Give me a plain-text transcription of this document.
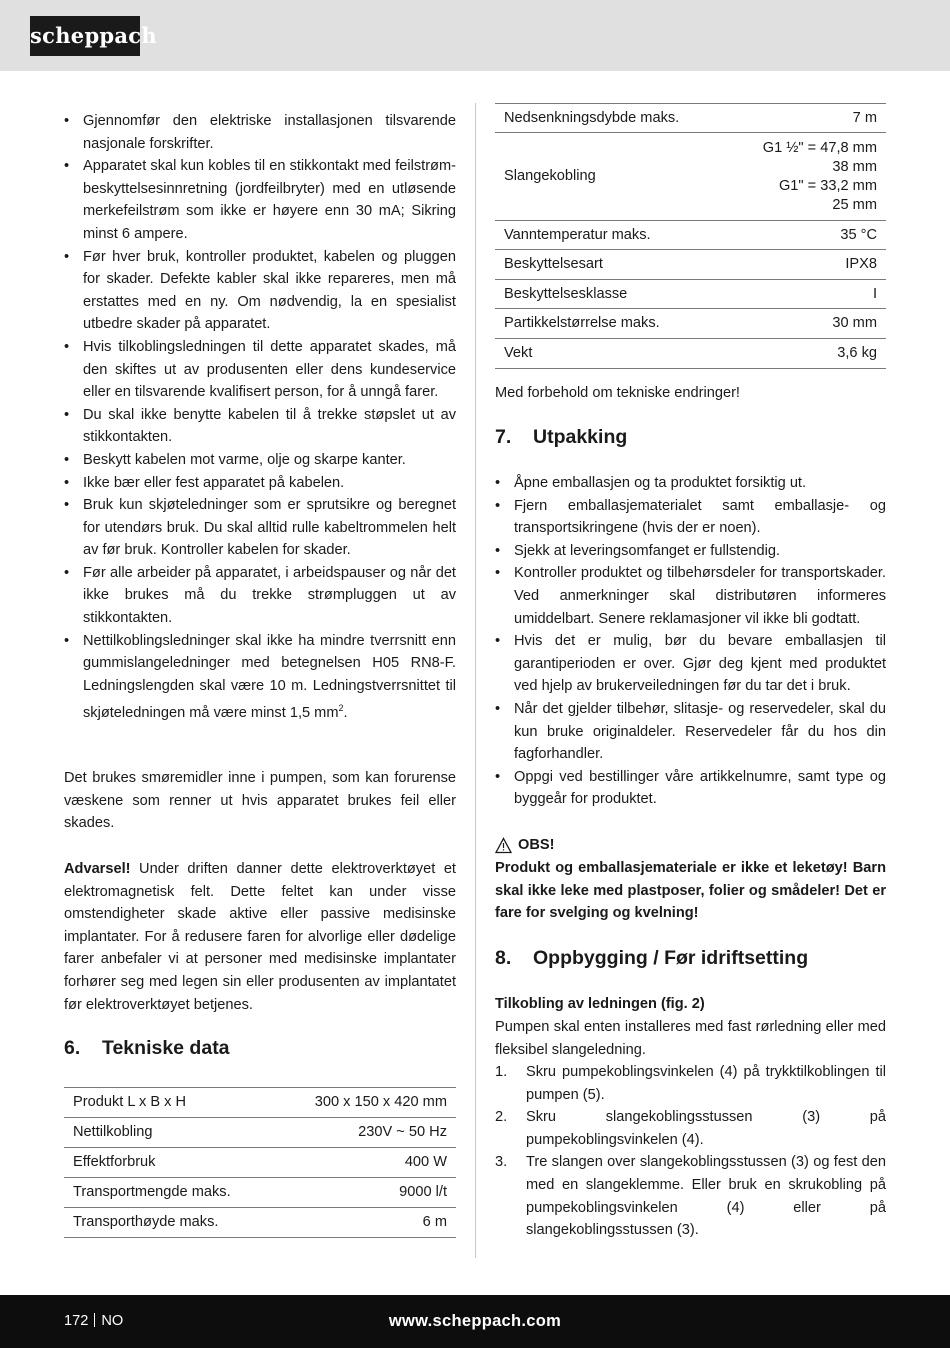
scheppach
• Gjennomfør den elektriske installasjonen tilsvarende nasjonale forskrifter.
• Apparatet skal kun kobles til en stikkontakt med feilstrøm-beskyttelsesinnretning (jordfeilbryter) med en utløsende merkefeilstrøm som ikke er høyere enn 30 mA; Sikring minst 6 ampere.
• Før hver bruk, kontroller produktet, kabelen og pluggen for skader. Defekte kabler skal ikke repareres, men må erstattes med en ny. Om nødvendig, la en spesialist utbedre skader på apparatet.
• Hvis tilkoblingsledningen til dette apparatet skades, må den skiftes ut av produsenten eller dens kundeservice eller en tilsvarende kvalifisert person, for å unngå farer.
• Du skal ikke benytte kabelen til å trekke støpslet ut av stikkontakten.
• Beskytt kabelen mot varme, olje og skarpe kanter.
• Ikke bær eller fest apparatet på kabelen.
• Bruk kun skjøteledninger som er sprutsikre og beregnet for utendørs bruk. Du skal alltid rulle kabeltrommelen helt av før bruk. Kontroller kabelen for skader.
• Før alle arbeider på apparatet, i arbeidspauser og når det ikke brukes må du trekke strømpluggen ut av stikkontakten.
• Nettilkoblingsledninger skal ikke ha mindre tverrsnitt enn gummislangeledninger med betegnelsen H05 RN8-F. Ledningslengden skal være 10 m. Ledningstverrsnittet til skjøteledningen må være minst 1,5 $mm^2$.

Det brukes smøremidler inne i pumpen, som kan forurense væskene som renner ut hvis apparatet brukes feil eller skades.

Advarsel! Under driften danner dette elektroverktøyet et elektromagnetisk felt. Dette feltet kan under visse omstendigheter skade aktive eller passive medisinske implantater. For å redusere faren for alvorlige eller dødelige farer anbefaler vi at personer med medisinske implantater forhører seg med legen sin eller produsenten av implantatet før elektroverktøyet betjenes.

6.	Tekniske data
Produkt L x B x H	300 x 150 x 420 mm
Nettilkobling	230V ~ 50 Hz
Effektforbruk	400 W
Transportmengde maks.	9000 l/t
Transporthøyde maks.	6 m
Nedsenkningsdybde maks.	7 m
Slangekobling	G1 ½" = 47,8 mm
38 mm
G1" = 33,2 mm
25 mm
Vanntemperatur maks.	35 °C
Beskyttelsesart	IPX8
Beskyttelsesklasse	I
Partikkelstørrelse maks.	30 mm
Vekt	3,6 kg

Med forbehold om tekniske endringer!

7.	Utpakking
• Åpne emballasjen og ta produktet forsiktig ut.
• Fjern emballasjematerialet samt emballasje- og transportsikringene (hvis der er noen).
• Sjekk at leveringsomfanget er fullstendig.
• Kontroller produktet og tilbehørsdeler for transportskader. Ved anmerkninger skal distributøren informeres umiddelbart. Senere reklamasjoner vil ikke bli godtatt.
• Hvis det er mulig, bør du bevare emballasjen til garantiperioden er over. Gjør deg kjent med produktet ved hjelp av brukerveiledningen før du tar det i bruk.
• Når det gjelder tilbehør, slitasje- og reservedeler, skal du kun bruke originaldeler. Reservedeler får du hos din fagforhandler.
• Oppgi ved bestillinger våre artikkelnumre, samt type og byggeår for produktet.
OBS!

Produkt og emballasjemateriale er ikke et leketøy! Barn skal ikke leke med plastposer, folier og smådeler! Det er fare for svelging og kvelning!

8.	Oppbygging / Før idriftsetting

Tilkobling av ledningen (fig. 2)

Pumpen skal enten installeres med fast rørledning eller med fleksibel slangeledning.

1. Skru pumpekoblingsvinkelen (4) på trykktilkoblingen til pumpen (5).
2. Skru slangekoblingsstussen (3) på pumpekoblingsvinkelen (4).
3. Tre slangen over slangekoblingsstussen (3) og fest den med en slangeklemme. Eller bruk en skrukobling på pumpekoblingsvinkelen (4) eller på slangekoblingsstussen (3).
172 NO	www.scheppach.com
